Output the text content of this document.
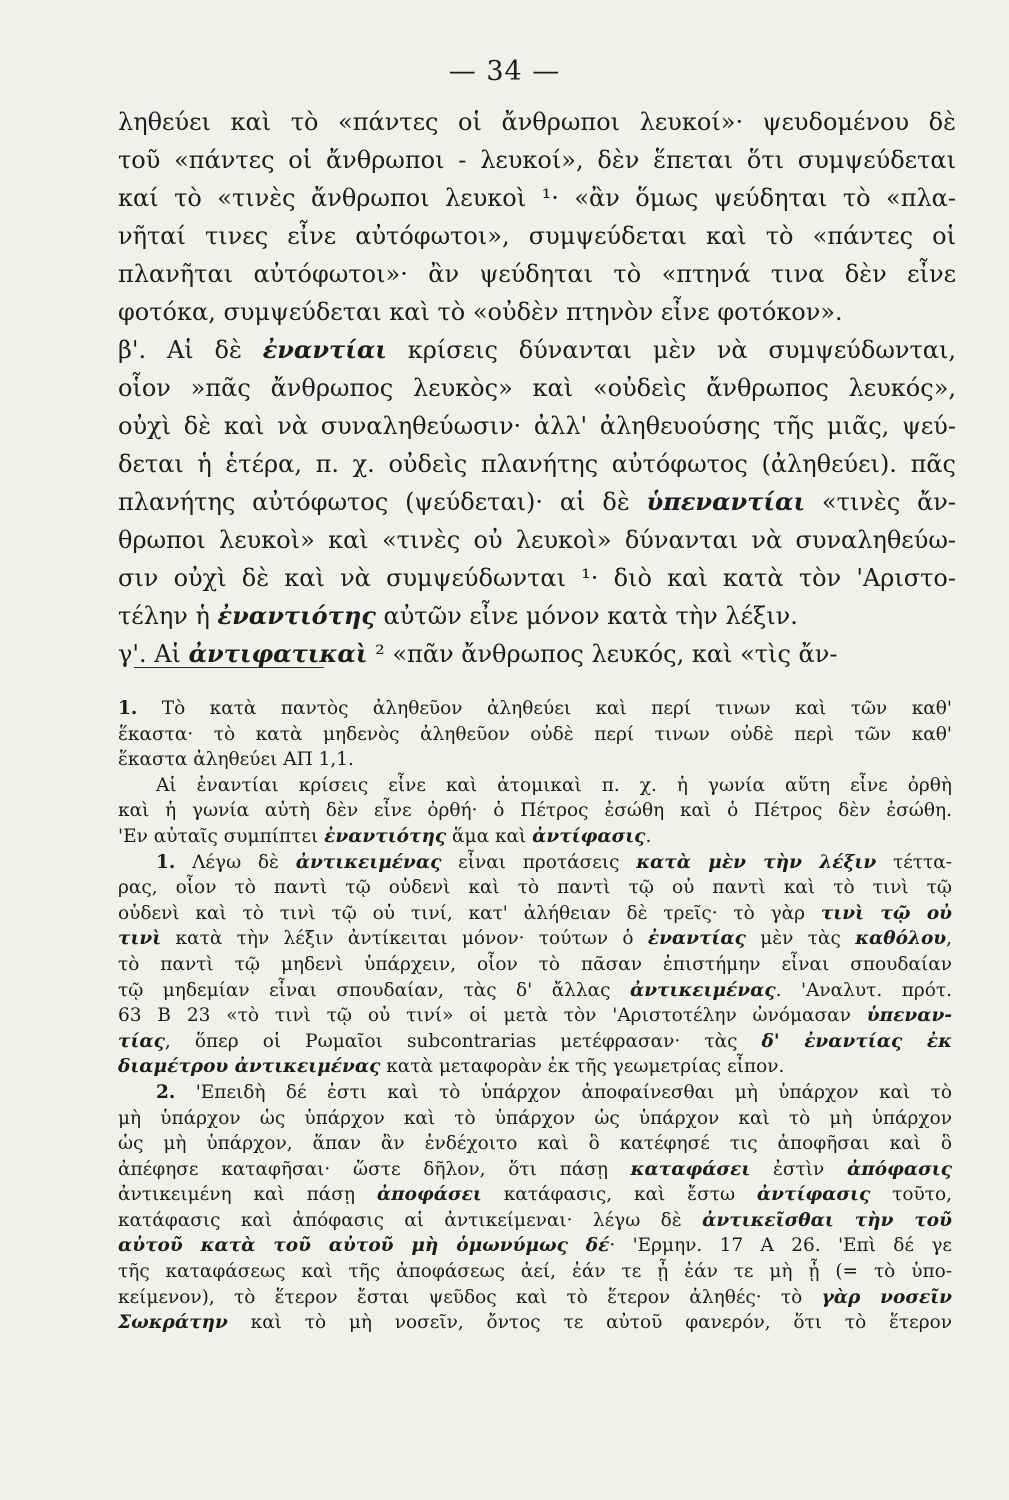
— 34 —
ληθεύει καὶ τὸ «πάντες οἱ ἄνθρωποι λευκοί»· ψευδομένου δὲ
τοῦ «πάντες οἱ ἄνθρωποι - λευκοί», δὲν ἕπεται ὅτι συμψεύδεται
καί τὸ «τινὲς ἄνθρωποι λευκοὶ ¹· «ἂν ὅμως ψεύδηται τὸ «πλα-
νῆταί τινες εἶνε αὐτόφωτοι», συμψεύδεται καὶ τὸ «πάντες οἱ
πλανῆται αὐτόφωτοι»· ἂν ψεύδηται τὸ «πτηνά τινα δὲν εἶνε
φοτόκα, συμψεύδεται καὶ τὸ «οὐδὲν πτηνὸν εἶνε φοτόκον».
β'. Αἱ δὲ ἐναντίαι κρίσεις δύνανται μὲν νὰ συμψεύδωνται,
οἷον »πᾶς ἄνθρωπος λευκὸς» καὶ «οὐδεὶς ἄνθρωπος λευκός»,
οὐχὶ δὲ καὶ νὰ συναληθεύωσιν· ἀλλ' ἀληθευούσης τῆς μιᾶς, ψεύ-
δεται ἡ ἑτέρα, π. χ. οὐδεὶς πλανήτης αὐτόφωτος (ἀληθεύει). πᾶς
πλανήτης αὐτόφωτος (ψεύδεται)· αἱ δὲ ὑπεναντίαι «τινὲς ἄν-
θρωποι λευκοὶ» καὶ «τινὲς οὐ λευκοὶ» δύνανται νὰ συναληθεύω-
σιν οὐχὶ δὲ καὶ νὰ συμψεύδωνται ¹· διὸ καὶ κατὰ τὸν 'Αριστο-
τέλην ἡ ἐναντιότης αὐτῶν εἶνε μόνον κατὰ τὴν λέξιν.
γ'. Αἱ ἀντιφατικαὶ ² «πᾶν ἄνθρωπος λευκός, καὶ «τὶς ἄν-
1. Τὸ κατὰ παντὸς ἀληθεῦον ἀληθεύει καὶ περί τινων καὶ τῶν καθ'
ἕκαστα· τὸ κατὰ μηδενὸς ἀληθεῦον οὐδὲ περί τινων οὐδὲ περὶ τῶν καθ'
ἕκαστα ἀληθεύει ΑΠ 1,1.
Αἱ ἐναντίαι κρίσεις εἶνε καὶ ἀτομικαὶ π. χ. ἡ γωνία αὕτη εἶνε ὀρθὴ
καὶ ἡ γωνία αὐτὴ δὲν εἶνε ὀρθή· ὁ Πέτρος ἐσώθη καὶ ὁ Πέτρος δὲν ἐσώθη.
'Εν αὐταῖς συμπίπτει ἐναντιότης ἅμα καὶ ἀντίφασις.
1. Λέγω δὲ ἀντικειμένας εἶναι προτάσεις κατὰ μὲν τὴν λέξιν τέττα-
ρας, οἷον τὸ παντὶ τῷ οὐδενὶ καὶ τὸ παντὶ τῷ οὐ παντὶ καὶ τὸ τινὶ τῷ
οὐδενὶ καὶ τὸ τινὶ τῷ οὐ τινί, κατ' ἀλήθειαν δὲ τρεῖς· τὸ γὰρ τινὶ τῷ οὐ
τινὶ κατὰ τὴν λέξιν ἀντίκειται μόνον· τούτων ὁ ἐναντίας μὲν τὰς καθόλου,
τὸ παντὶ τῷ μηδενὶ ὑπάρχειν, οἷον τὸ πᾶσαν ἐπιστήμην εἶναι σπουδαίαν
τῷ μηδεμίαν εἶναι σπουδαίαν, τὰς δ' ἄλλας ἀντικειμένας. 'Αναλυτ. πρότ.
63 Β 23 «τὸ τινὶ τῷ οὐ τινί» οἱ μετὰ τὸν 'Αριστοτέλην ὠνόμασαν ὑπεναν-
τίας, ὅπερ οἱ Ρωμαῖοι subcontrarias μετέφρασαν· τὰς δ' ἐναντίας ἐκ
διαμέτρου ἀντικειμένας κατὰ μεταφορὰν ἐκ τῆς γεωμετρίας εἶπον.
2. 'Επειδὴ δέ ἐστι καὶ τὸ ὑπάρχον ἀποφαίνεσθαι μὴ ὑπάρχον καὶ τὸ
μὴ ὑπάρχον ὡς ὑπάρχον καὶ τὸ ὑπάρχον ὡς ὑπάρχον καὶ τὸ μὴ ὑπάρχον
ὡς μὴ ὑπάρχον, ἅπαν ἂν ἐνδέχοιτο καὶ ὃ κατέφησέ τις ἀποφῆσαι καὶ ὃ
ἀπέφησε καταφῆσαι· ὥστε δῆλον, ὅτι πάσῃ καταφάσει ἐστὶν ἀπόφασις
ἀντικειμένη καὶ πάσῃ ἀποφάσει κατάφασις, καὶ ἔστω ἀντίφασις τοῦτο,
κατάφασις καὶ ἀπόφασις αἱ ἀντικείμεναι· λέγω δὲ ἀντικεῖσθαι τὴν τοῦ
αὐτοῦ κατὰ τοῦ αὐτοῦ μὴ ὁμωνύμως δέ· 'Ερμην. 17 Α 26. 'Επὶ δέ γε
τῆς καταφάσεως καὶ τῆς ἀποφάσεως ἀεί, ἐάν τε ᾖ ἐάν τε μὴ ᾖ (= τὸ ὑπο-
κείμενον), τὸ ἕτερον ἔσται ψεῦδος καὶ τὸ ἕτερον ἀληθές· τὸ γὰρ νοσεῖν
Σωκράτην καὶ τὸ μὴ νοσεῖν, ὄντος τε αὐτοῦ φανερόν, ὅτι τὸ ἕτερον
